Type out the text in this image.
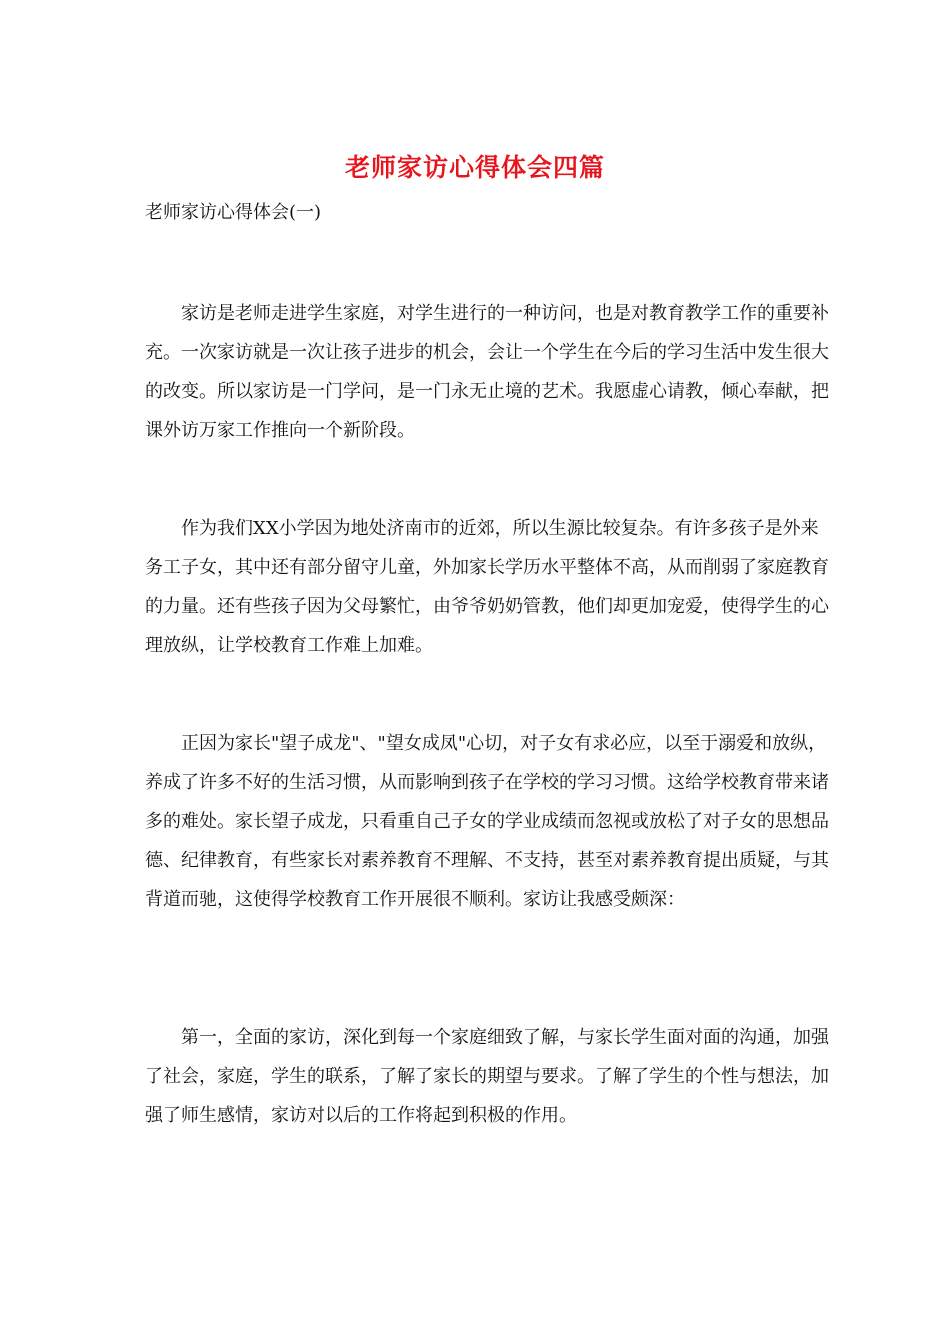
老师家访心得体会四篇
老师家访心得体会(一)

家访是老师走进学生家庭，对学生进行的一种访问，也是对教育教学工作的重要补充。一次家访就是一次让孩子进步的机会，会让一个学生在今后的学习生活中发生很大的改变。所以家访是一门学问，是一门永无止境的艺术。我愿虚心请教，倾心奉献，把课外访万家工作推向一个新阶段。

作为我们XX小学因为地处济南市的近郊，所以生源比较复杂。有许多孩子是外来务工子女，其中还有部分留守儿童，外加家长学历水平整体不高，从而削弱了家庭教育的力量。还有些孩子因为父母繁忙，由爷爷奶奶管教，他们却更加宠爱，使得学生的心理放纵，让学校教育工作难上加难。

正因为家长"望子成龙"、"望女成凤"心切，对子女有求必应，以至于溺爱和放纵，养成了许多不好的生活习惯，从而影响到孩子在学校的学习习惯。这给学校教育带来诸多的难处。家长望子成龙，只看重自己子女的学业成绩而忽视或放松了对子女的思想品德、纪律教育，有些家长对素养教育不理解、不支持，甚至对素养教育提出质疑，与其背道而驰，这使得学校教育工作开展很不顺利。家访让我感受颇深：

第一，全面的家访，深化到每一个家庭细致了解，与家长学生面对面的沟通，加强了社会，家庭，学生的联系，了解了家长的期望与要求。了解了学生的个性与想法，加强了师生感情，家访对以后的工作将起到积极的作用。
